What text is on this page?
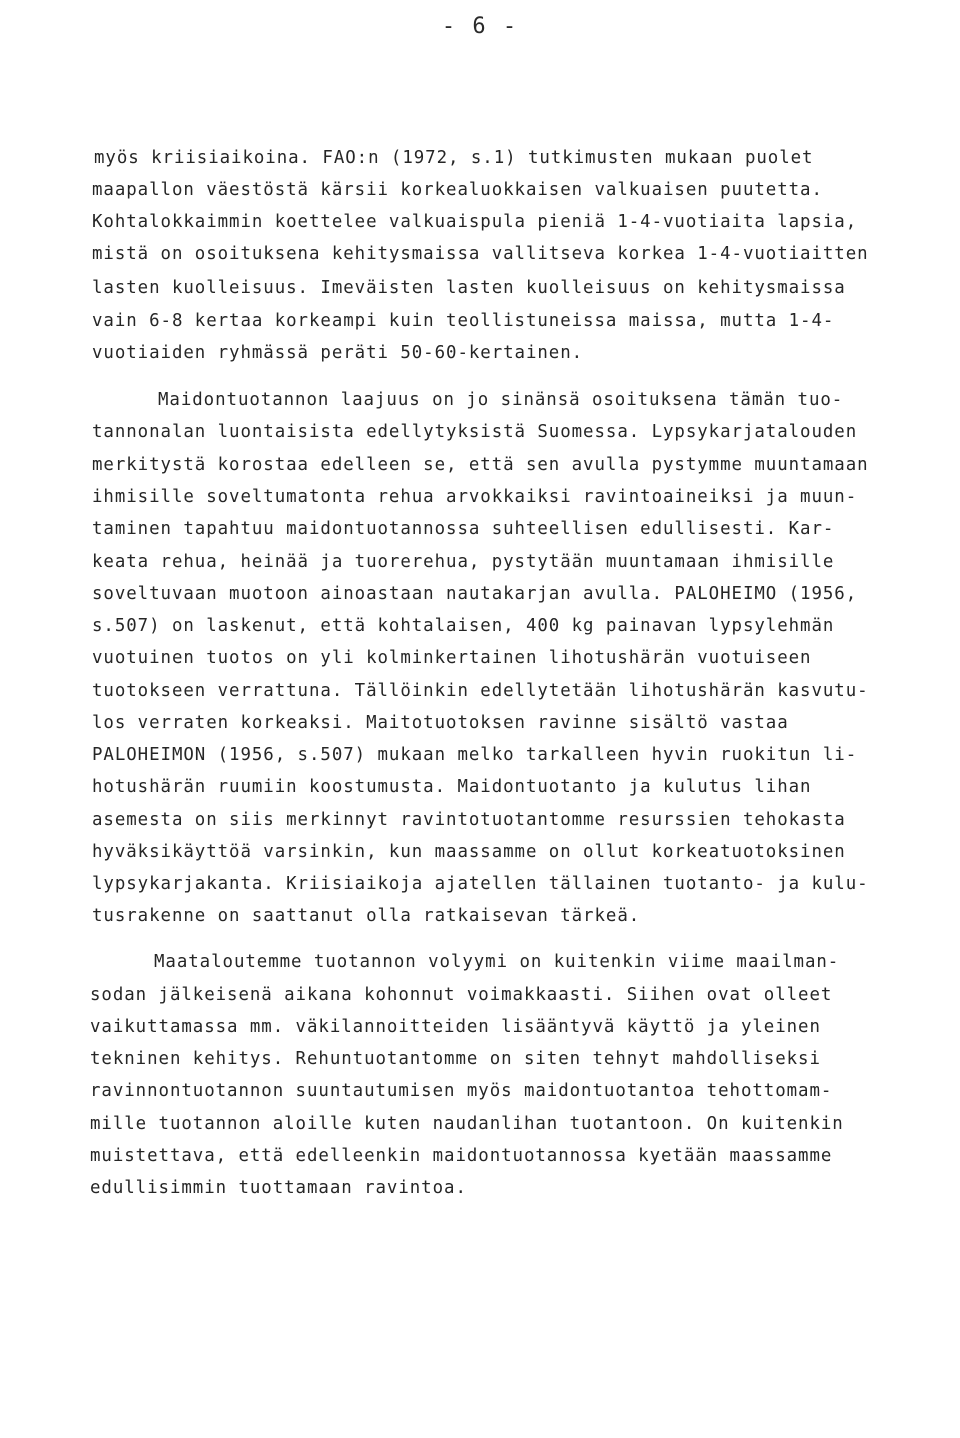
- 6 -
myös kriisiaikoina. FAO:n (1972, s.1) tutkimusten mukaan puolet
maapallon väestöstä kärsii korkealuokkaisen valkuaisen puutetta.
Kohtalokkaimmin koettelee valkuaispula pieniä 1-4-vuotiaita lapsia,
mistä on osoituksena kehitysmaissa vallitseva korkea 1-4-vuotiaitten
lasten kuolleisuus. Imeväisten lasten kuolleisuus on kehitysmaissa
vain 6-8 kertaa korkeampi kuin teollistuneissa maissa, mutta 1-4-
vuotiaiden ryhmässä peräti 50-60-kertainen.
Maidontuotannon laajuus on jo sinänsä osoituksena tämän tuo-
tannonalan luontaisista edellytyksistä Suomessa. Lypsykarjatalouden
merkitystä korostaa edelleen se, että sen avulla pystymme muuntamaan
ihmisille soveltumatonta rehua arvokkaiksi ravintoaineiksi ja muun-
taminen tapahtuu maidontuotannossa suhteellisen edullisesti. Kar-
keata rehua, heinää ja tuorerehua, pystytään muuntamaan ihmisille
soveltuvaan muotoon ainoastaan nautakarjan avulla. PALOHEIMO (1956,
s.507) on laskenut, että kohtalaisen, 400 kg painavan lypsylehmän
vuotuinen tuotos on yli kolminkertainen lihotushärän vuotuiseen
tuotokseen verrattuna. Tällöinkin edellytetään lihotushärän kasvutu-
los verraten korkeaksi. Maitotuotoksen ravinne sisältö vastaa
PALOHEIMON (1956, s.507) mukaan melko tarkalleen hyvin ruokitun li-
hotushärän ruumiin koostumusta. Maidontuotanto ja kulutus lihan
asemesta on siis merkinnyt ravintotuotantomme resurssien tehokasta
hyväksikäyttöä varsinkin, kun maassamme on ollut korkeatuotoksinen
lypsykarjakanta. Kriisiaikoja ajatellen tällainen tuotanto- ja kulu-
tusrakenne on saattanut olla ratkaisevan tärkeä.
Maataloutemme tuotannon volyymi on kuitenkin viime maailman-
sodan jälkeisenä aikana kohonnut voimakkaasti. Siihen ovat olleet
vaikuttamassa mm. väkilannoitteiden lisääntyvä käyttö ja yleinen
tekninen kehitys. Rehuntuotantomme on siten tehnyt mahdolliseksi
ravinnontuotannon suuntautumisen myös maidontuotantoa tehottomam-
mille tuotannon aloille kuten naudanlihan tuotantoon. On kuitenkin
muistettava, että edelleenkin maidontuotannossa kyetään maassamme
edullisimmin tuottamaan ravintoa.
